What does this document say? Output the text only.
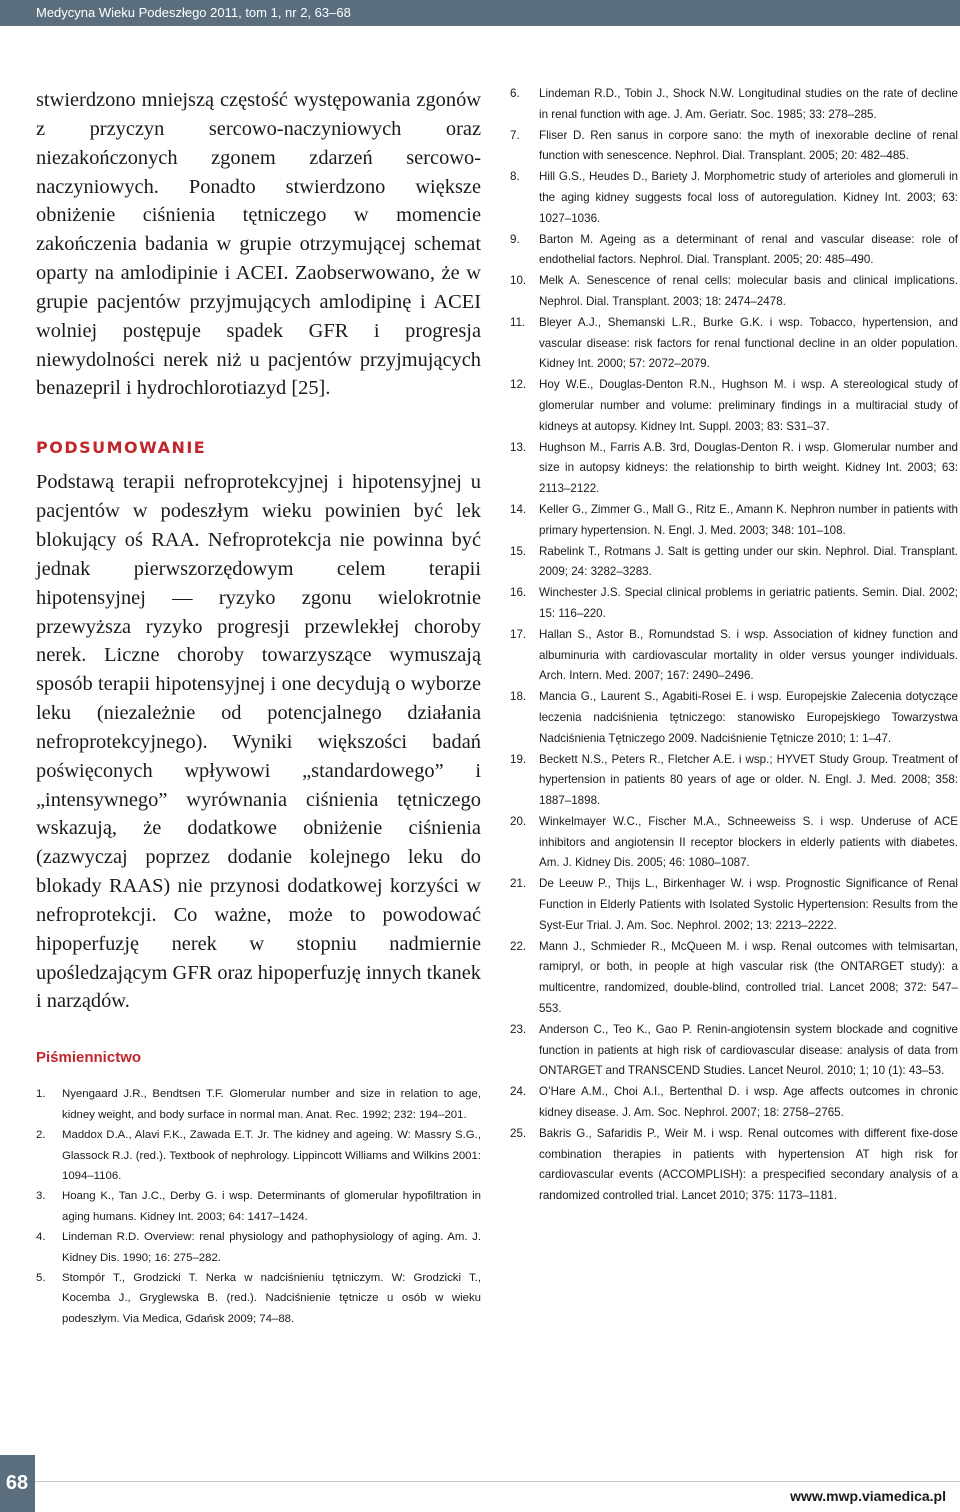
Medycyna Wieku Podeszłego 2011, tom 1, nr 2, 63–68

stwierdzono mniejszą częstość występowania zgonów z przyczyn sercowo-naczyniowych oraz niezakończonych zgonem zdarzeń sercowo-naczyniowych. Ponadto stwierdzono większe obniżenie ciśnienia tętniczego w momencie zakończenia badania w grupie otrzymującej schemat oparty na amlodipinie i ACEI. Zaobserwowano, że w grupie pacjentów przyjmujących amlodipinę i ACEI wolniej postępuje spadek GFR i progresja niewydolności nerek niż u pacjentów przyjmujących benazepril i hydrochlorotiazyd [25].

PODSUMOWANIE

Podstawą terapii nefroprotekcyjnej i hipotensyjnej u pacjentów w podeszłym wieku powinien być lek blokujący oś RAA. Nefroprotekcja nie powinna być jednak pierwszorzędowym celem terapii hipotensyjnej — ryzyko zgonu wielokrotnie przewyższa ryzyko progresji przewlekłej choroby nerek. Liczne choroby towarzyszące wymuszają sposób terapii hipotensyjnej i one decydują o wyborze leku (niezależnie od potencjalnego działania nefroprotekcyjnego). Wyniki większości badań poświęconych wpływowi „standardowego” i „intensywnego” wyrównania ciśnienia tętniczego wskazują, że dodatkowe obniżenie ciśnienia (zazwyczaj poprzez dodanie kolejnego leku do blokady RAAS) nie przynosi dodatkowej korzyści w nefroprotekcji. Co ważne, może to powodować hipoperfuzję nerek w stopniu nadmiernie upośledzającym GFR oraz hipoperfuzję innych tkanek i narządów.

Piśmiennictwo
1.	Nyengaard J.R., Bendtsen T.F. Glomerular number and size in relation to age, kidney weight, and body surface in normal man. Anat. Rec. 1992; 232: 194–201.
2.	Maddox D.A., Alavi F.K., Zawada E.T. Jr. The kidney and ageing. W: Massry S.G., Glassock R.J. (red.). Textbook of nephrology. Lippincott Williams and Wilkins 2001: 1094–1106.
3.	Hoang K., Tan J.C., Derby G. i wsp. Determinants of glomerular hypofiltration in aging humans. Kidney Int. 2003; 64: 1417–1424.
4.	Lindeman R.D. Overview: renal physiology and pathophysiology of aging. Am. J. Kidney Dis. 1990; 16: 275–282.
5.	Stompór T., Grodzicki T. Nerka w nadciśnieniu tętniczym. W: Grodzicki T., Kocemba J., Gryglewska B. (red.). Nadciśnienie tętnicze u osób w wieku podeszłym. Via Medica, Gdańsk 2009; 74–88.
6.	Lindeman R.D., Tobin J., Shock N.W. Longitudinal studies on the rate of decline in renal function with age. J. Am. Geriatr. Soc. 1985; 33: 278–285.
7.	Fliser D. Ren sanus in corpore sano: the myth of inexorable decline of renal function with senescence. Nephrol. Dial. Transplant. 2005; 20: 482–485.
8.	Hill G.S., Heudes D., Bariety J. Morphometric study of arterioles and glomeruli in the aging kidney suggests focal loss of autoregulation. Kidney Int. 2003; 63: 1027–1036.
9.	Barton M. Ageing as a determinant of renal and vascular disease: role of endothelial factors. Nephrol. Dial. Transplant. 2005; 20: 485–490.
10.	Melk A. Senescence of renal cells: molecular basis and clinical implications. Nephrol. Dial. Transplant. 2003; 18: 2474–2478.
11.	Bleyer A.J., Shemanski L.R., Burke G.K. i wsp. Tobacco, hypertension, and vascular disease: risk factors for renal functional decline in an older population. Kidney Int. 2000; 57: 2072–2079.
12.	Hoy W.E., Douglas-Denton R.N., Hughson M. i wsp. A stereological study of glomerular number and volume: preliminary findings in a multiracial study of kidneys at autopsy. Kidney Int. Suppl. 2003; 83: S31–37.
13.	Hughson M., Farris A.B. 3rd, Douglas-Denton R. i wsp. Glomerular number and size in autopsy kidneys: the relationship to birth weight. Kidney Int. 2003; 63: 2113–2122.
14.	Keller G., Zimmer G., Mall G., Ritz E., Amann K. Nephron number in patients with primary hypertension. N. Engl. J. Med. 2003; 348: 101–108.
15.	Rabelink T., Rotmans J. Salt is getting under our skin. Nephrol. Dial. Transplant. 2009; 24: 3282–3283.
16.	Winchester J.S. Special clinical problems in geriatric patients. Semin. Dial. 2002; 15: 116–220.
17.	Hallan S., Astor B., Romundstad S. i wsp. Association of kidney function and albuminuria with cardiovascular mortality in older versus younger individuals. Arch. Intern. Med. 2007; 167: 2490–2496.
18.	Mancia G., Laurent S., Agabiti-Rosei E. i wsp. Europejskie Zalecenia dotyczące leczenia nadciśnienia tętniczego: stanowisko Europejskiego Towarzystwa Nadciśnienia Tętniczego 2009. Nadciśnienie Tętnicze 2010; 1: 1–47.
19.	Beckett N.S., Peters R., Fletcher A.E. i wsp.; HYVET Study Group. Treatment of hypertension in patients 80 years of age or older. N. Engl. J. Med. 2008; 358: 1887–1898.
20.	Winkelmayer W.C., Fischer M.A., Schneeweiss S. i wsp. Underuse of ACE inhibitors and angiotensin II receptor blockers in elderly patients with diabetes. Am. J. Kidney Dis. 2005; 46: 1080–1087.
21.	De Leeuw P., Thijs L., Birkenhager W. i wsp. Prognostic Significance of Renal Function in Elderly Patients with Isolated Systolic Hypertension: Results from the Syst-Eur Trial. J. Am. Soc. Nephrol. 2002; 13: 2213–2222.
22.	Mann J., Schmieder R., McQueen M. i wsp. Renal outcomes with telmisartan, ramipryl, or both, in people at high vascular risk (the ONTARGET study): a multicentre, randomized, double-blind, controlled trial. Lancet 2008; 372: 547–553.
23.	Anderson C., Teo K., Gao P. Renin-angiotensin system blockade and cognitive function in patients at high risk of cardiovascular disease: analysis of data from ONTARGET and TRANSCEND Studies. Lancet Neurol. 2010; 1; 10 (1): 43–53.
24.	O’Hare A.M., Choi A.I., Bertenthal D. i wsp. Age affects outcomes in chronic kidney disease. J. Am. Soc. Nephrol. 2007; 18: 2758–2765.
25.	Bakris G., Safaridis P., Weir M. i wsp. Renal outcomes with different fixe-dose combination therapies in patients with hypertension AT high risk for cardiovascular events (ACCOMPLISH): a prespecified secondary analysis of a randomized controlled trial. Lancet 2010; 375: 1173–1181.
68
www.mwp.viamedica.pl
